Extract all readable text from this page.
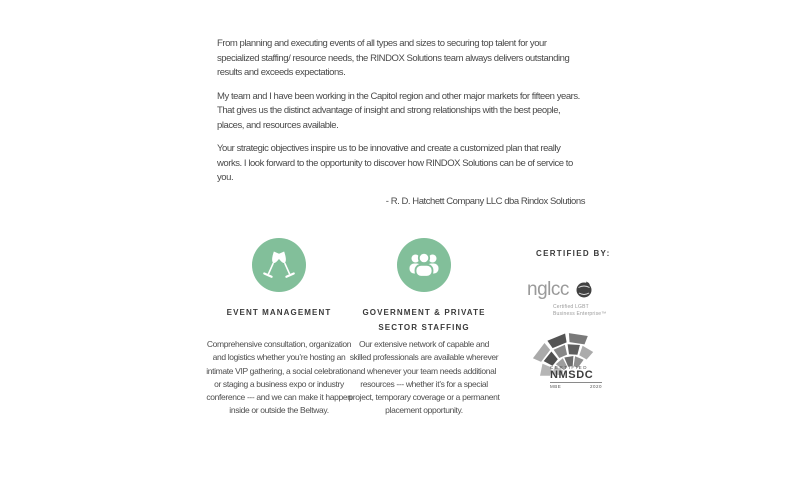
From planning and executing events of all types and sizes to securing top talent for your specialized staffing/ resource needs, the RINDOX Solutions team always delivers outstanding results and exceeds expectations.

My team and I have been working in the Capitol region and other major markets for fifteen years. That gives us the distinct advantage of insight and strong relationships with the best people, places, and resources available.

Your strategic objectives inspire us to be innovative and create a customized plan that really works. I look forward to the opportunity to discover how RINDOX Solutions can be of service to you.

- R. D. Hatchett Company LLC dba Rindox Solutions
EVENT MANAGEMENT
Comprehensive consultation, organization and logistics whether you’re hosting an intimate VIP gathering, a social celebration or staging a business expo or industry conference --- and we can make it happen inside or outside the Beltway.
GOVERNMENT & PRIVATE SECTOR STAFFING
Our extensive network of capable and skilled professionals are available wherever and whenever your team needs additional resources --- whether it’s for a special project, temporary coverage or a permanent placement opportunity.
CERTIFIED BY:
nglcc
Certified LGBT
Business Enterprise™
CERTIFIED
NMSDC
MBE	2020
